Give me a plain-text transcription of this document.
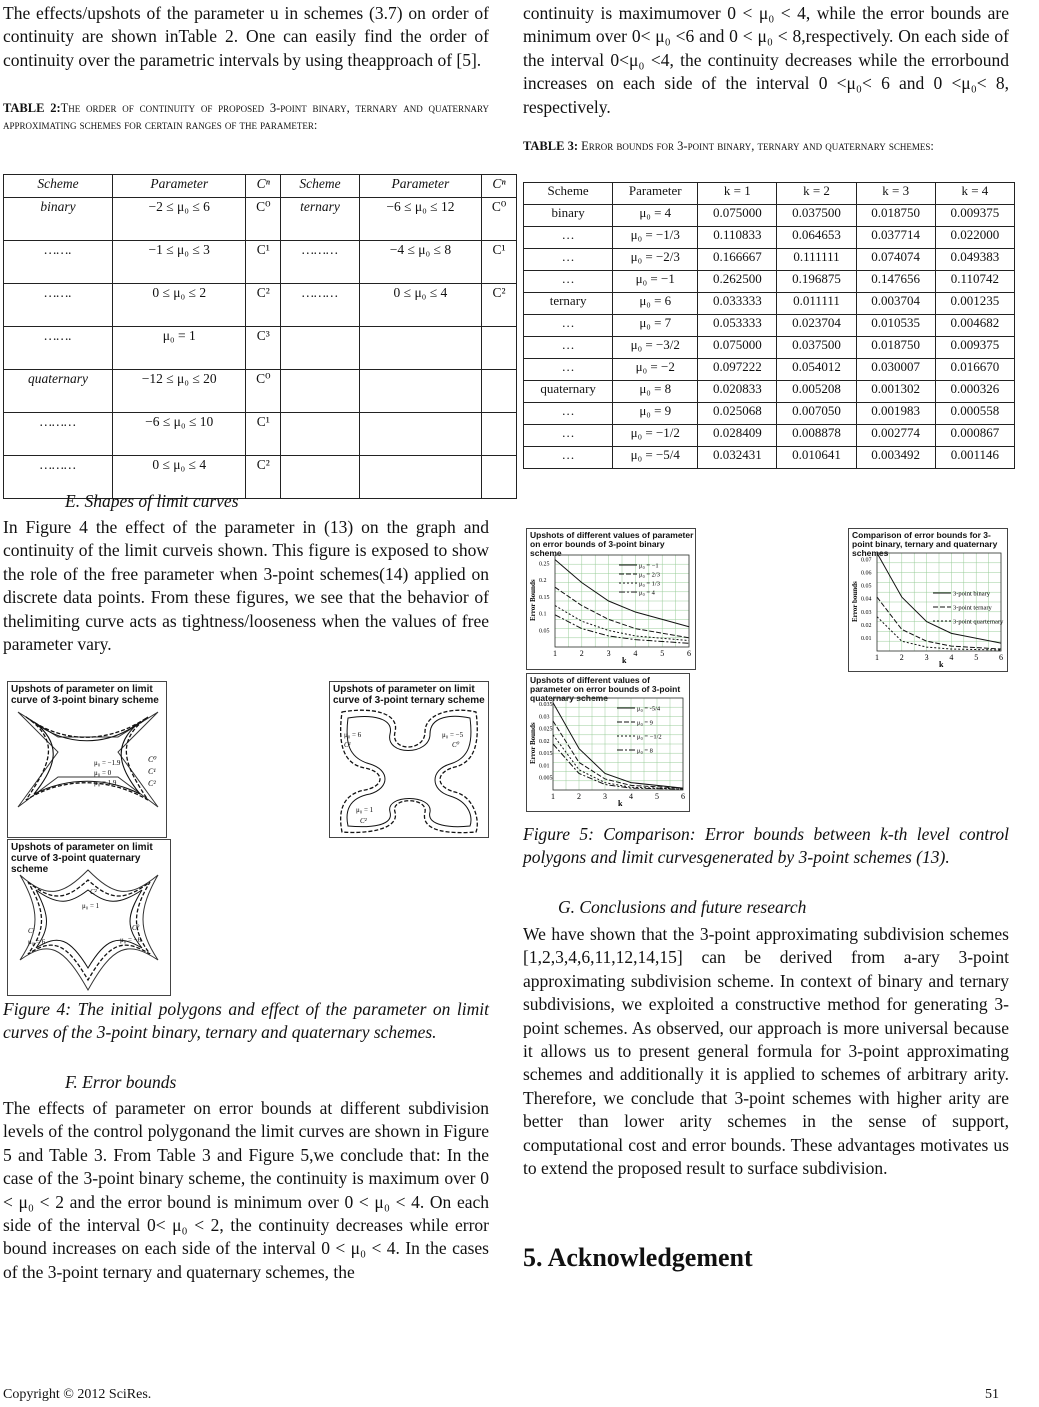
The effects/upshots of the parameter u in schemes (3.7) on order of continuity are shown inTable 2. One can easily find the order of continuity over the parametric intervals by using theapproach of [5].

TABLE 2:The order of continuity of proposed 3-point binary, ternary and quaternary approximating schemes for certain ranges of the parameter:
Scheme	Parameter	Cⁿ	Scheme	Parameter	Cⁿ
binary	−2 ≤ μ₀ ≤ 6	C⁰	ternary	−6 ≤ μ₀ ≤ 12	C⁰
…….	−1 ≤ μ₀ ≤ 3	C¹	………	−4 ≤ μ₀ ≤ 8	C¹
…….	0 ≤ μ₀ ≤ 2	C²	………	0 ≤ μ₀ ≤ 4	C²
…….	μ₀ = 1	C³			
quaternary	−12 ≤ μ₀ ≤ 20	C⁰			
………	−6 ≤ μ₀ ≤ 10	C¹			
………	0 ≤ μ₀ ≤ 4	C²			

E. Shapes of limit curves

In Figure 4 the effect of the parameter in (13) on the graph and continuity of the limit curveis shown. This figure is exposed to show the role of the free parameter when 3-point schemes(14) applied on discrete data points. From these figures, we see that the behavior of thelimiting curve acts as tightness/looseness when the values of free parameter vary.

Upshots of parameter on limit curve of 3-point binary scheme
μ₀ = −1.9
μ₀ = 0
μ₀ = 1.9
C⁰
C¹
C²
Upshots of parameter on limit curve of 3-point ternary scheme
μ₀ = 6
C¹
μ₀ = −5
C⁰
μ₀ = 1
C²
Upshots of parameter on limit curve of 3-point quaternary scheme
μ₀ = 1
C²
C¹
μ₀ = 6
C⁰
μ₀ = −6

Figure 4: The initial polygons and effect of the parameter on limit curves of the 3-point binary, ternary and quaternary schemes.

F. Error bounds

The effects of parameter on error bounds at different subdivision levels of the control polygonand the limit curves are shown in Figure 5 and Table 3. From Table 3 and Figure 5,we conclude that: In the case of the 3-point binary scheme, the continuity is maximum over 0 < μ₀ < 2 and the error bound is minimum over 0 < μ₀ < 4. On each side of the interval 0< μ₀ < 2, the continuity decreases while error bound increases on each side of the interval 0 < μ₀ < 4. In the cases of the 3-point ternary and quaternary schemes, the

continuity is maximumover 0 < μ₀ < 4, while the error bounds are minimum over 0< μ₀ <6 and 0 < μ₀ < 8,respectively. On each side of the interval 0<μ₀ <4, the continuity decreases while the errorbound increases on each side of the interval 0 <μ₀< 6 and 0 <μ₀< 8, respectively.

TABLE 3: Error bounds for 3-point binary, ternary and quaternary schemes:
Scheme	Parameter	k = 1	k = 2	k = 3	k = 4
binary	μ₀ = 4	0.075000	0.037500	0.018750	0.009375
…	μ₀ = −1/3	0.110833	0.064653	0.037714	0.022000
…	μ₀ = −2/3	0.166667	0.111111	0.074074	0.049383
…	μ₀ = −1	0.262500	0.196875	0.147656	0.110742
ternary	μ₀ = 6	0.033333	0.011111	0.003704	0.001235
…	μ₀ = 7	0.053333	0.023704	0.010535	0.004682
…	μ₀ = −3/2	0.075000	0.037500	0.018750	0.009375
…	μ₀ = −2	0.097222	0.054012	0.030007	0.016670
quaternary	μ₀ = 8	0.020833	0.005208	0.001302	0.000326
…	μ₀ = 9	0.025068	0.007050	0.001983	0.000558
…	μ₀ = −1/2	0.028409	0.008878	0.002774	0.000867
…	μ₀ = −5/4	0.032431	0.010641	0.003492	0.001146
Upshots of different values of parameter on error bounds of 3-point binary scheme
1	2	3	4	5	6
k
0.05
0.1
0.15
0.2
0.25
Error Bounds
μ₀ = −1
μ₀ = 2/3
μ₀ = 1/3
μ₀ = 4
Comparison of error bounds for 3-point binary, ternary and quaternary schemes
1	2	3	4	5	6
k
0.01
0.02
0.03
0.04
0.05
0.06
0.07
Error bounds	3-point binary
3-point ternary
3-point quarternary
Upshots of different values of parameter on error bounds of 3-point quaternary scheme
1	2	3	4	5	6
k
0.005
0.01
0.015
0.02
0.025
0.03
0.035
Error Bounds
μ₀ = -5/4
μ₀ = 9
μ₀ = −1/2
μ₀ = 8

Figure 5: Comparison: Error bounds between k-th level control polygons and limit curvesgenerated by 3-point schemes (13).

G. Conclusions and future research

We have shown that the 3-point approximating subdivision schemes [1,2,3,4,6,11,12,14,15] can be derived from a-ary 3-point approximating subdivision scheme. In context of binary and ternary subdivisions, we exploited a constructive method for generating 3-point schemes. As observed, our approach is more universal because it allows us to present general formula for 3-point approximating schemes and additionally it is applied to schemes of arbitrary arity. Therefore, we conclude that 3-point schemes with higher arity are better than lower arity schemes in the sense of support, computational cost and error bounds. These advantages motivates us to extend the proposed result to surface subdivision.

5. Acknowledgement

Copyright © 2012 SciRes.	51
